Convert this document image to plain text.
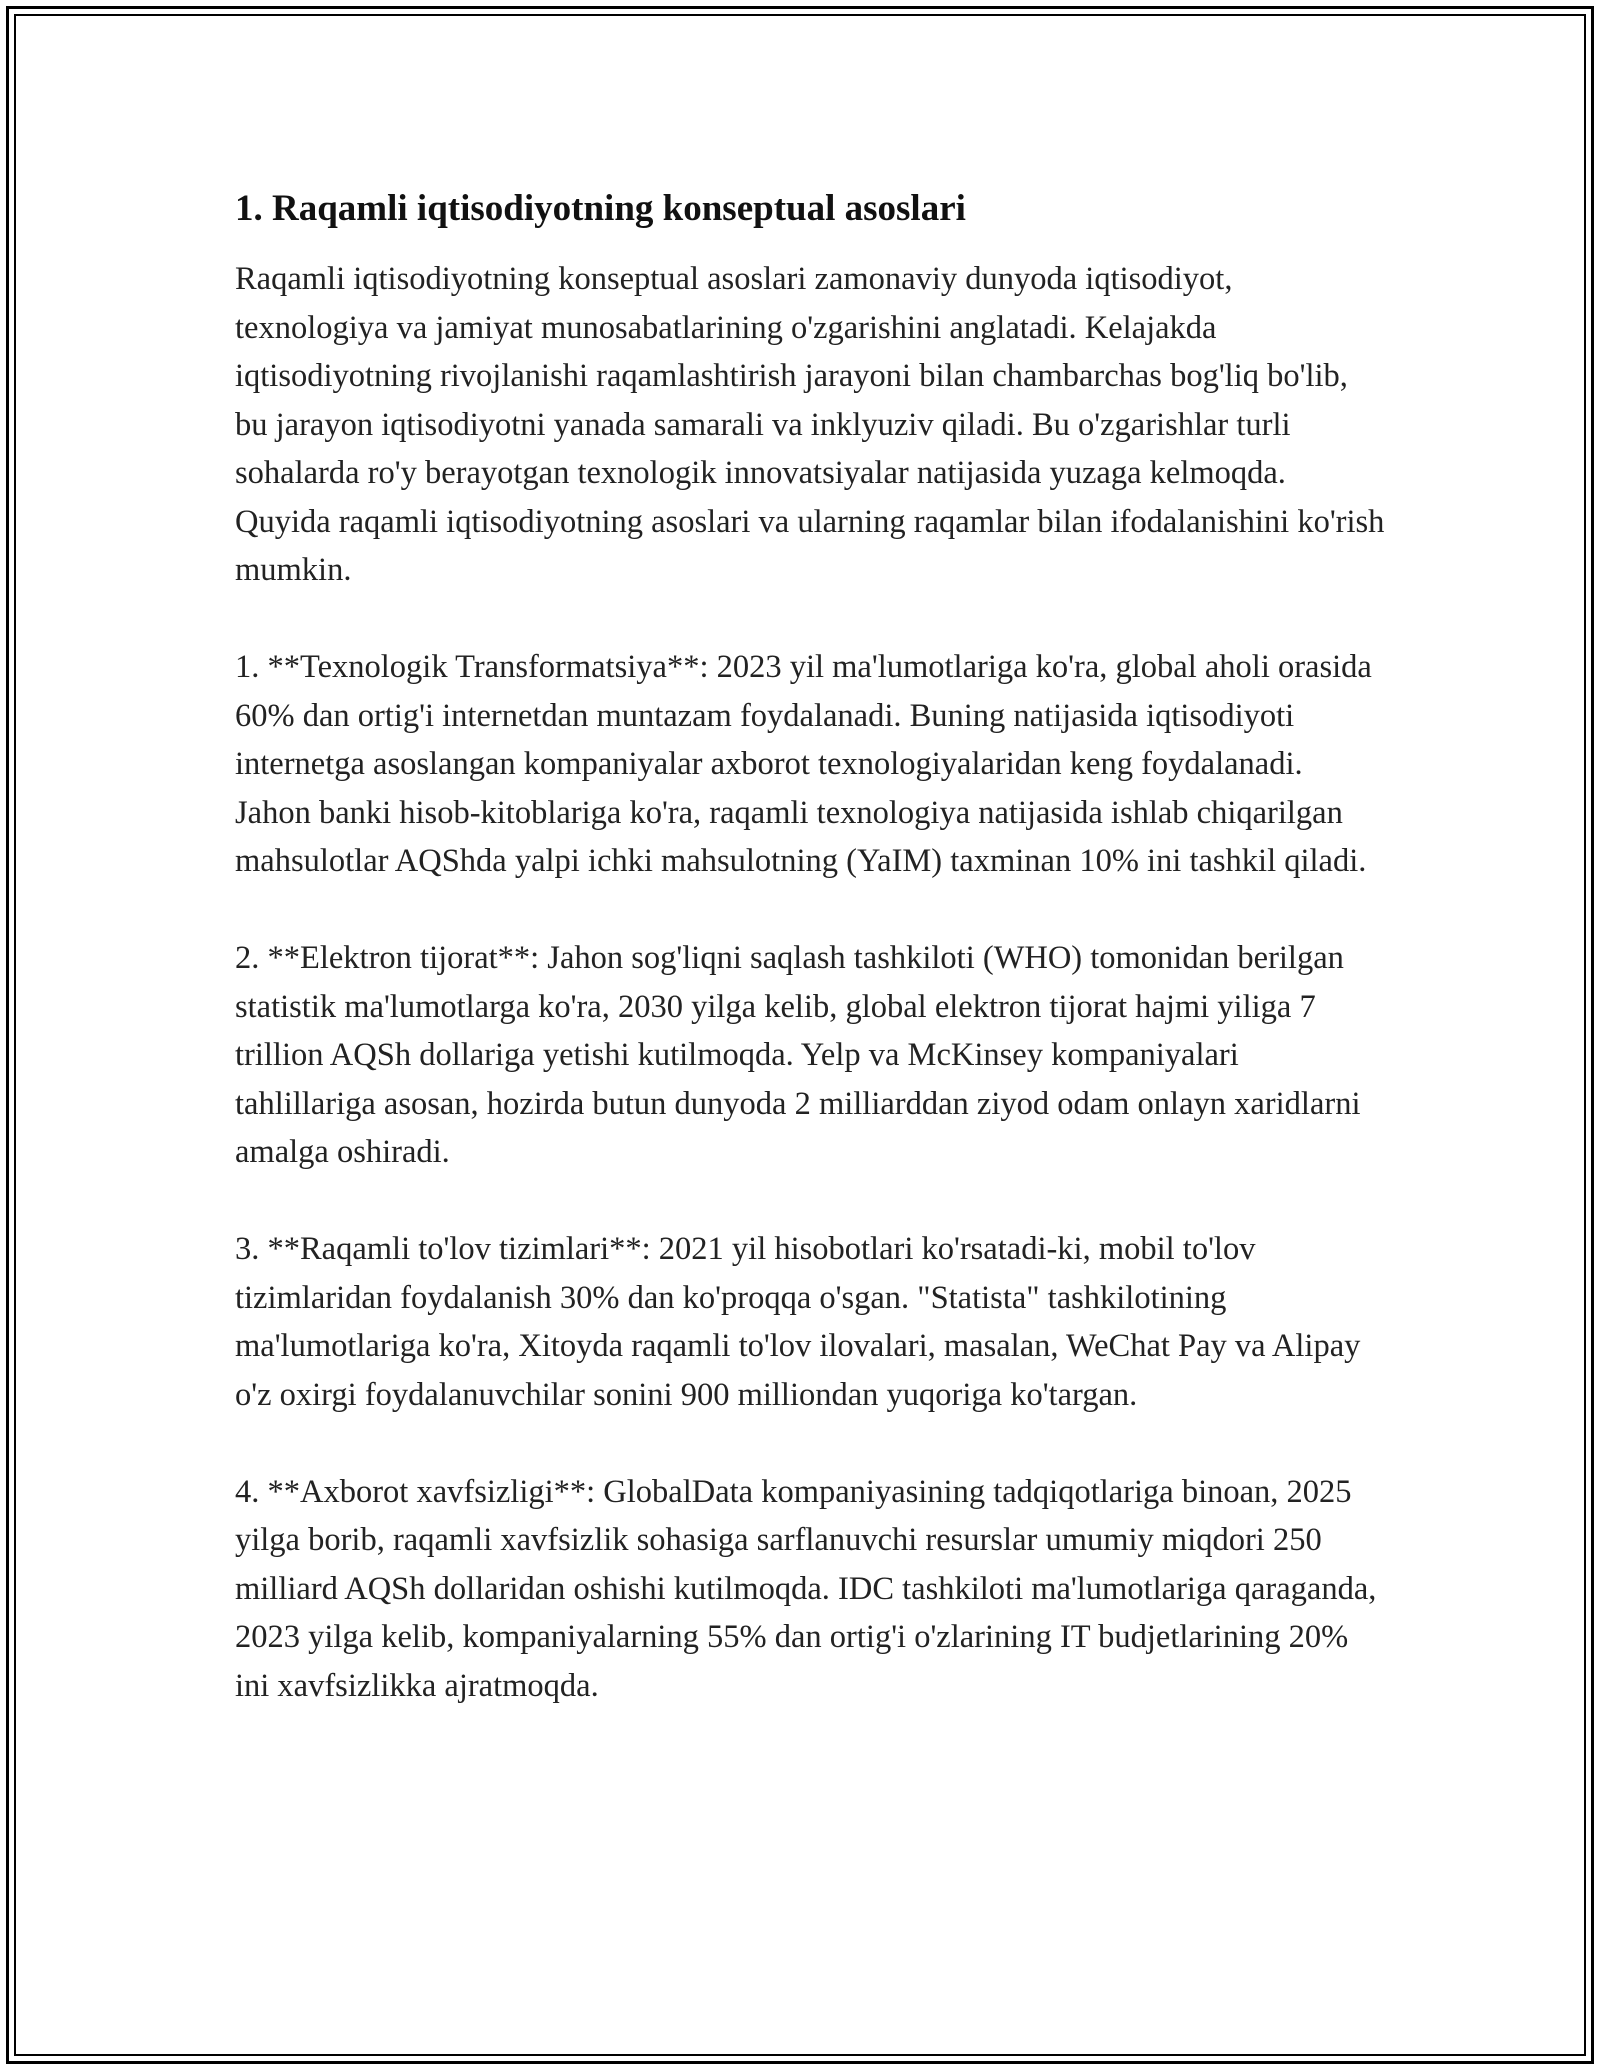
1. Raqamli iqtisodiyotning konseptual asoslari

Raqamli iqtisodiyotning konseptual asoslari zamonaviy dunyoda iqtisodiyot, texnologiya va jamiyat munosabatlarining o'zgarishini anglatadi. Kelajakda iqtisodiyotning rivojlanishi raqamlashtirish jarayoni bilan chambarchas bog'liq bo'lib, bu jarayon iqtisodiyotni yanada samarali va inklyuziv qiladi. Bu o'zgarishlar turli sohalarda ro'y berayotgan texnologik innovatsiyalar natijasida yuzaga kelmoqda. Quyida raqamli iqtisodiyotning asoslari va ularning raqamlar bilan ifodalanishini ko'rish mumkin.

1. **Texnologik Transformatsiya**: 2023 yil ma'lumotlariga ko'ra, global aholi orasida 60% dan ortig'i internetdan muntazam foydalanadi. Buning natijasida iqtisodiyoti internetga asoslangan kompaniyalar axborot texnologiyalaridan keng foydalanadi. Jahon banki hisob-kitoblariga ko'ra, raqamli texnologiya natijasida ishlab chiqarilgan mahsulotlar AQShda yalpi ichki mahsulotning (YaIM) taxminan 10% ini tashkil qiladi.

2. **Elektron tijorat**: Jahon sog'liqni saqlash tashkiloti (WHO) tomonidan berilgan statistik ma'lumotlarga ko'ra, 2030 yilga kelib, global elektron tijorat hajmi yiliga 7 trillion AQSh dollariga yetishi kutilmoqda. Yelp va McKinsey kompaniyalari tahlillariga asosan, hozirda butun dunyoda 2 milliarddan ziyod odam onlayn xaridlarni amalga oshiradi.

3. **Raqamli to'lov tizimlari**: 2021 yil hisobotlari ko'rsatadi-ki, mobil to'lov tizimlaridan foydalanish 30% dan ko'proqqa o'sgan. "Statista" tashkilotining ma'lumotlariga ko'ra, Xitoyda raqamli to'lov ilovalari, masalan, WeChat Pay va Alipay o'z oxirgi foydalanuvchilar sonini 900 milliondan yuqoriga ko'targan.

4. **Axborot xavfsizligi**: GlobalData kompaniyasining tadqiqotlariga binoan, 2025 yilga borib, raqamli xavfsizlik sohasiga sarflanuvchi resurslar umumiy miqdori 250 milliard AQSh dollaridan oshishi kutilmoqda. IDC tashkiloti ma'lumotlariga qaraganda, 2023 yilga kelib, kompaniyalarning 55% dan ortig'i o'zlarining IT budjetlarining 20% ini xavfsizlikka ajratmoqda.
